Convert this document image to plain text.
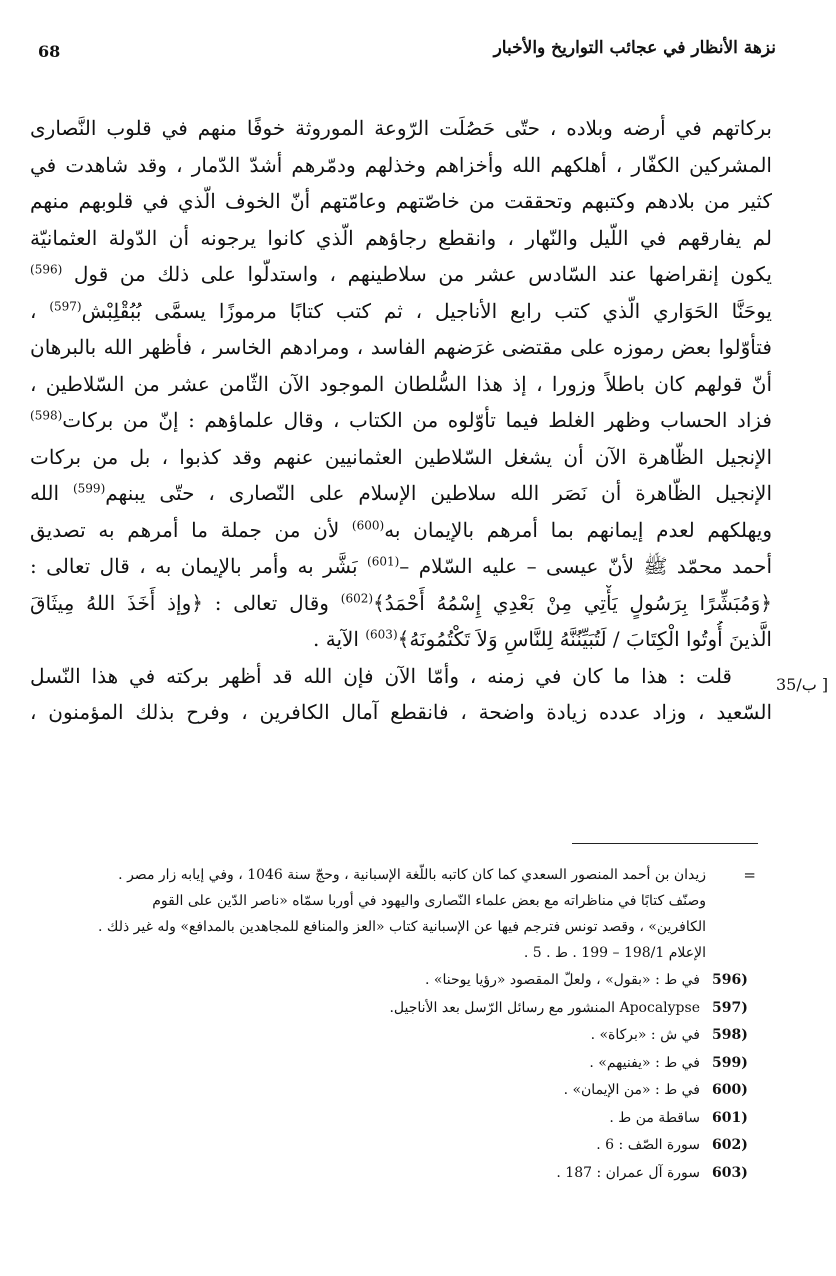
نزهة الأنظار في عجائب التواريخ والأخبار
68
بركاتهم في أرضه وبلاده ، حتّى حَصُلَت الرّوعة الموروثة خوفًا منهم في قلوب النَّصارى
المشركين الكفّار ، أهلكهم الله وأخزاهم وخذلهم ودمّرهم أشدّ الدّمار ، وقد شاهدت في
كثير من بلادهم وكتبهم وتحققت من خاصّتهم وعامّتهم أنّ الخوف الّذي في قلوبهم منهم
لم يفارقهم في اللّيل والنّهار ، وانقطع رجاؤهم الّذي كانوا يرجونه أن الدّولة العثمانيّة
يكون إنقراضها عند السّادس عشر من سلاطينهم ، واستدلّوا على ذلك من قول $^{(596)}$
يوحَنَّا الحَوَاري الّذي كتب رابع الأناجيل ، ثم كتب كتابًا مرموزًا يسمَّى بُبُقْلِبْش$^{(597)}$ ،
فتأوّلوا بعض رموزه على مقتضى غرَضهم الفاسد ، ومرادهم الخاسر ، فأظهر الله بالبرهان
أنّ قولهم كان باطلاً وزورا ، إذ هذا السُّلطان الموجود الآن الثّامن عشر من السّلاطين ،
فزاد الحساب وظهر الغلط فيما تأوّلوه من الكتاب ، وقال علماؤهم : إنّ من بركات$^{(598)}$
الإنجيل الظّاهرة الآن أن يشغل السّلاطين العثمانيين عنهم وقد كذبوا ، بل من بركات
الإنجيل الظّاهرة أن نَصَر الله سلاطين الإسلام على النّصارى ، حتّى يبنهم$^{(599)}$ الله
ويهلكهم لعدم إيمانهم بما أمرهم بالإيمان به$^{(600)}$ لأن من جملة ما أمرهم به تصديق
أحمد محمّد ﷺ لأنّ عيسى – عليه السّلام –$^{(601)}$ بَشَّر به وأمر بالإيمان به ، قال تعالى :
﴿وَمُبَشِّرًا بِرَسُولٍ يَأْتِي مِنْ بَعْدِي إِسْمُهُ أَحْمَدُ﴾$^{(602)}$ وقال تعالى : ﴿وإذ أَخَذَ اللهُ مِيثَاقَ
الَّذينَ أُوتُوا الْكِتَابَ / لَتُبَيِّنُنَّهُ لِلنَّاسِ وَلاَ تَكْتُمُونَهُ﴾$^{(603)}$ الآية .
قلت : هذا ما كان في زمنه ، وأمّا الآن فإن الله قد أظهر بركته في هذا النّسل
السّعيد ، وزاد عدده زيادة واضحة ، فانقطع آمال الكافرين ، وفرح بذلك المؤمنون ،
35/ب ]
=
زيدان بن أحمد المنصور السعدي كما كان كاتبه باللّغة الإسبانية ، وحجّ سنة 1046 ، وفي إيابه زار مصر .
وصنّف كتابًا في مناظراته مع بعض علماء النّصارى واليهود في أوربا سمّاه «ناصر الدّين على القوم
الكافرين» ، وقصد تونس فترجم فيها عن الإسبانية كتاب «العز والمنافع للمجاهدين بالمدافع» وله غير ذلك .
الإعلام 198/1 – 199 . ط . 5 .
596)
في ط : «بقول» ، ولعلّ المقصود «رؤيا يوحنا» .
597)
Apocalypse المنشور مع رسائل الرّسل بعد الأناجيل.
598)
في ش : «بركاة» .
599)
في ط : «يفنيهم» .
600)
في ط : «من الإيمان» .
601)
ساقطة من ط .
602)
سورة الصّف : 6 .
603)
سورة آل عمران : 187 .
